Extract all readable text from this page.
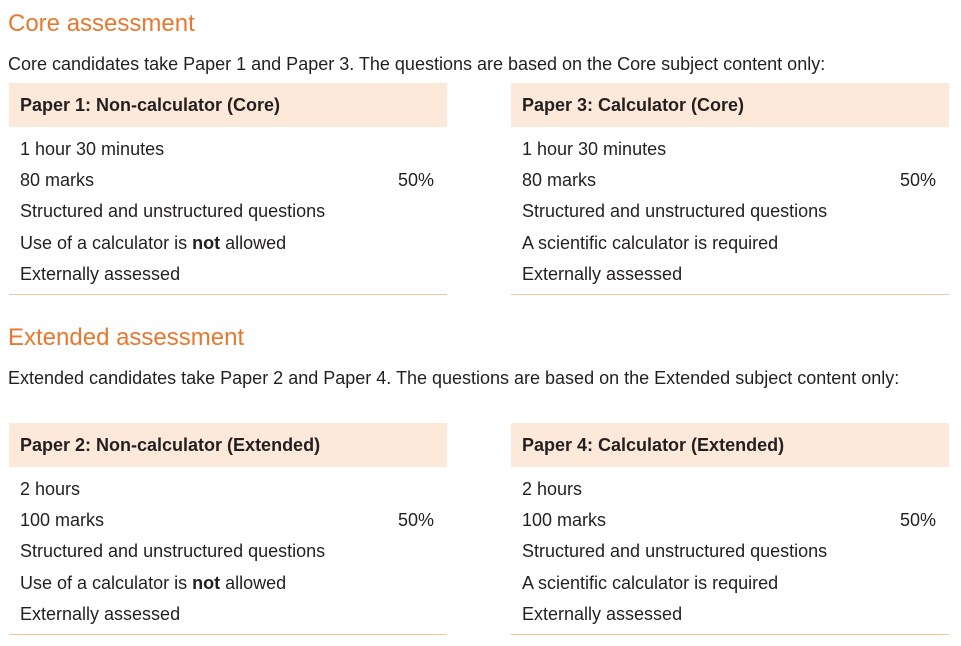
Core assessment

Core candidates take Paper 1 and Paper 3. The questions are based on the Core subject content only:

Paper 1: Non-calculator (Core)
1 hour 30 minutes
80 marks	50%
Structured and unstructured questions
Use of a calculator is not allowed
Externally assessed
Paper 3: Calculator (Core)
1 hour 30 minutes
80 marks	50%
Structured and unstructured questions
A scientific calculator is required
Externally assessed
Extended assessment

Extended candidates take Paper 2 and Paper 4. The questions are based on the Extended subject content only:

Paper 2: Non-calculator (Extended)
2 hours
100 marks	50%
Structured and unstructured questions
Use of a calculator is not allowed
Externally assessed
Paper 4: Calculator (Extended)
2 hours
100 marks	50%
Structured and unstructured questions
A scientific calculator is required
Externally assessed
